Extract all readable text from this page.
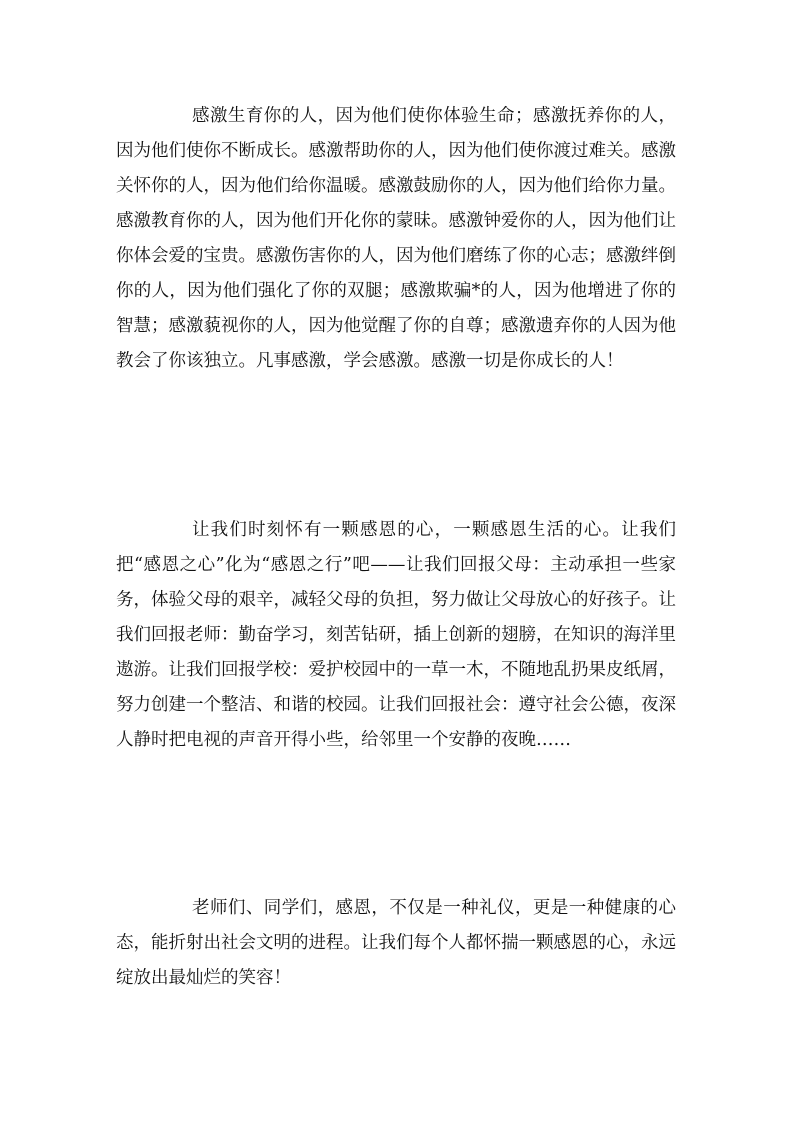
感激生育你的人，因为他们使你体验生命；感激抚养你的人，因为他们使你不断成长。感激帮助你的人，因为他们使你渡过难关。感激关怀你的人，因为他们给你温暖。感激鼓励你的人，因为他们给你力量。感激教育你的人，因为他们开化你的蒙昧。感激钟爱你的人，因为他们让你体会爱的宝贵。感激伤害你的人，因为他们磨练了你的心志；感激绊倒你的人，因为他们强化了你的双腿；感激欺骗*的人，因为他增进了你的智慧；感激藐视你的人，因为他觉醒了你的自尊；感激遗弃你的人因为他教会了你该独立。凡事感激，学会感激。感激一切是你成长的人！

让我们时刻怀有一颗感恩的心，一颗感恩生活的心。让我们把“感恩之心”化为“感恩之行”吧——让我们回报父母：主动承担一些家务，体验父母的艰辛，减轻父母的负担，努力做让父母放心的好孩子。让我们回报老师：勤奋学习，刻苦钻研，插上创新的翅膀，在知识的海洋里遨游。让我们回报学校：爱护校园中的一草一木，不随地乱扔果皮纸屑，努力创建一个整洁、和谐的校园。让我们回报社会：遵守社会公德，夜深人静时把电视的声音开得小些，给邻里一个安静的夜晚……

老师们、同学们，感恩，不仅是一种礼仪，更是一种健康的心态，能折射出社会文明的进程。让我们每个人都怀揣一颗感恩的心，永远绽放出最灿烂的笑容！
